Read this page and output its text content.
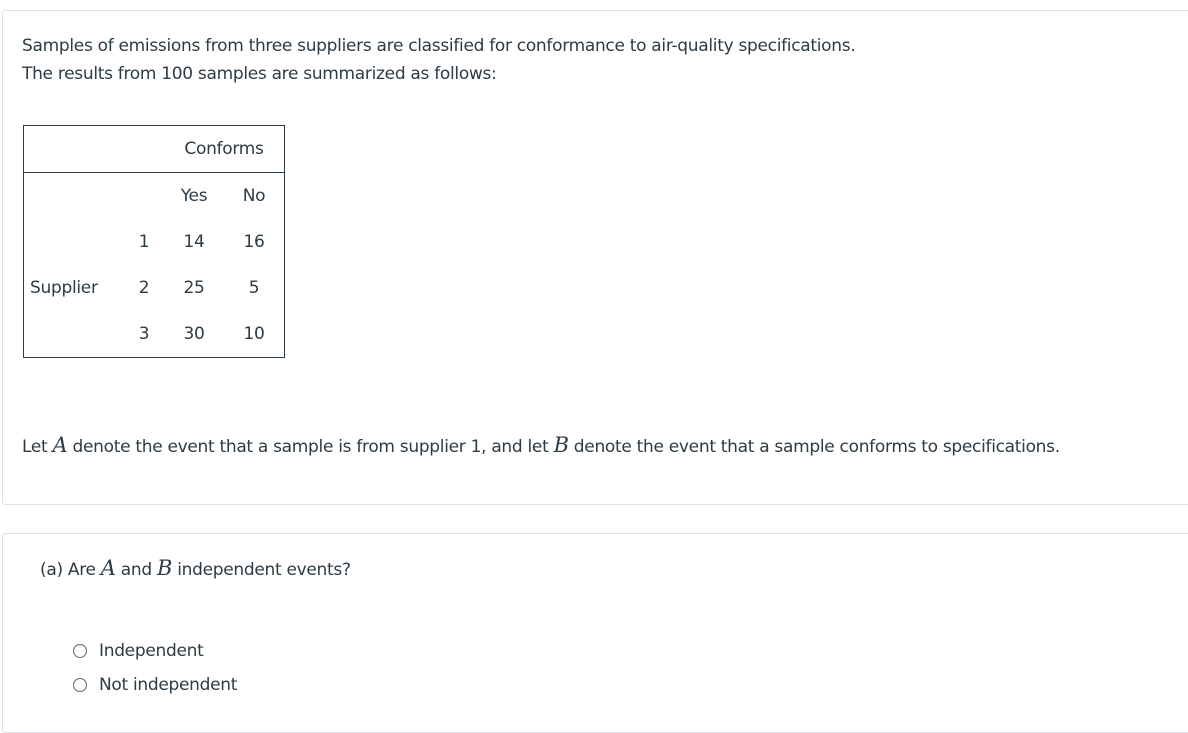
Samples of emissions from three suppliers are classified for conformance to air-quality specifications.
The results from 100 samples are summarized as follows:

		Conforms	
		Yes	No
	1	14	16
Supplier	2	25	5
	3	30	10

Let A denote the event that a sample is from supplier 1, and let B denote the event that a sample conforms to specifications.

(a) Are A and B independent events?

Independent
Not independent
